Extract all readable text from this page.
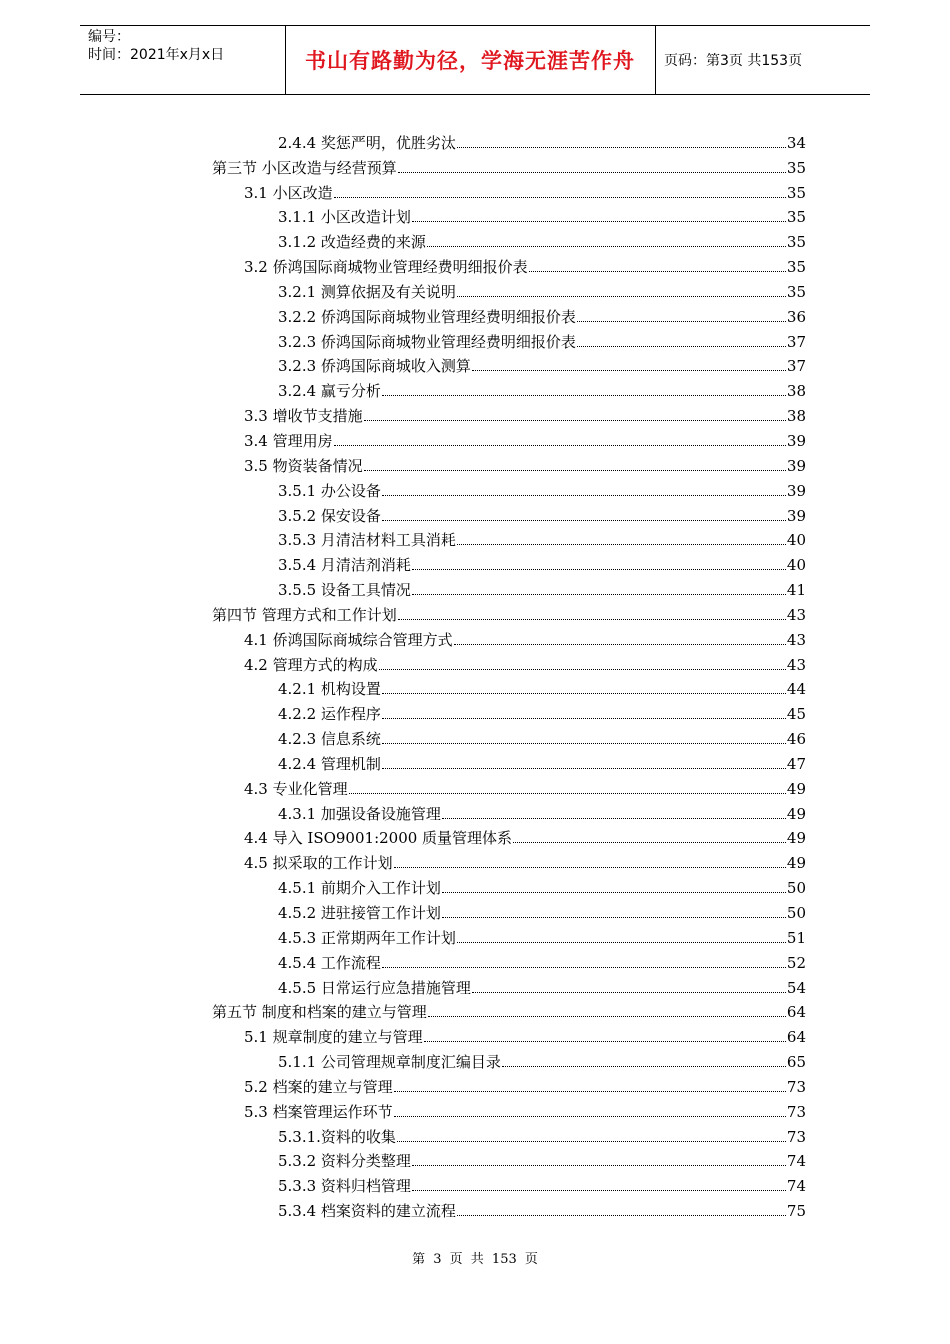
编号：
时间：2021年x月x日	书山有路勤为径，学海无涯苦作舟	页码：第3页 共153页
2.4.4 奖惩严明，优胜劣汰	34
第三节 小区改造与经营预算	35
3.1 小区改造	35
3.1.1 小区改造计划	35
3.1.2 改造经费的来源	35
3.2 侨鸿国际商城物业管理经费明细报价表	35
3.2.1 测算依据及有关说明	35
3.2.2 侨鸿国际商城物业管理经费明细报价表	36
3.2.3 侨鸿国际商城物业管理经费明细报价表	37
3.2.3 侨鸿国际商城收入测算	37
3.2.4 赢亏分析	38
3.3 增收节支措施	38
3.4 管理用房	39
3.5 物资装备情况	39
3.5.1 办公设备	39
3.5.2 保安设备	39
3.5.3 月清洁材料工具消耗	40
3.5.4 月清洁剂消耗	40
3.5.5 设备工具情况	41
第四节 管理方式和工作计划	43
4.1 侨鸿国际商城综合管理方式	43
4.2 管理方式的构成	43
4.2.1 机构设置	44
4.2.2 运作程序	45
4.2.3 信息系统	46
4.2.4 管理机制	47
4.3 专业化管理	49
4.3.1 加强设备设施管理	49
4.4 导入 ISO9001:2000 质量管理体系	49
4.5 拟采取的工作计划	49
4.5.1 前期介入工作计划	50
4.5.2 进驻接管工作计划	50
4.5.3 正常期两年工作计划	51
4.5.4 工作流程	52
4.5.5 日常运行应急措施管理	54
第五节 制度和档案的建立与管理	64
5.1 规章制度的建立与管理	64
5.1.1 公司管理规章制度汇编目录	65
5.2 档案的建立与管理	73
5.3 档案管理运作环节	73
5.3.1.资料的收集	73
5.3.2 资料分类整理	74
5.3.3 资料归档管理	74
5.3.4 档案资料的建立流程	75
第 3 页 共 153 页
